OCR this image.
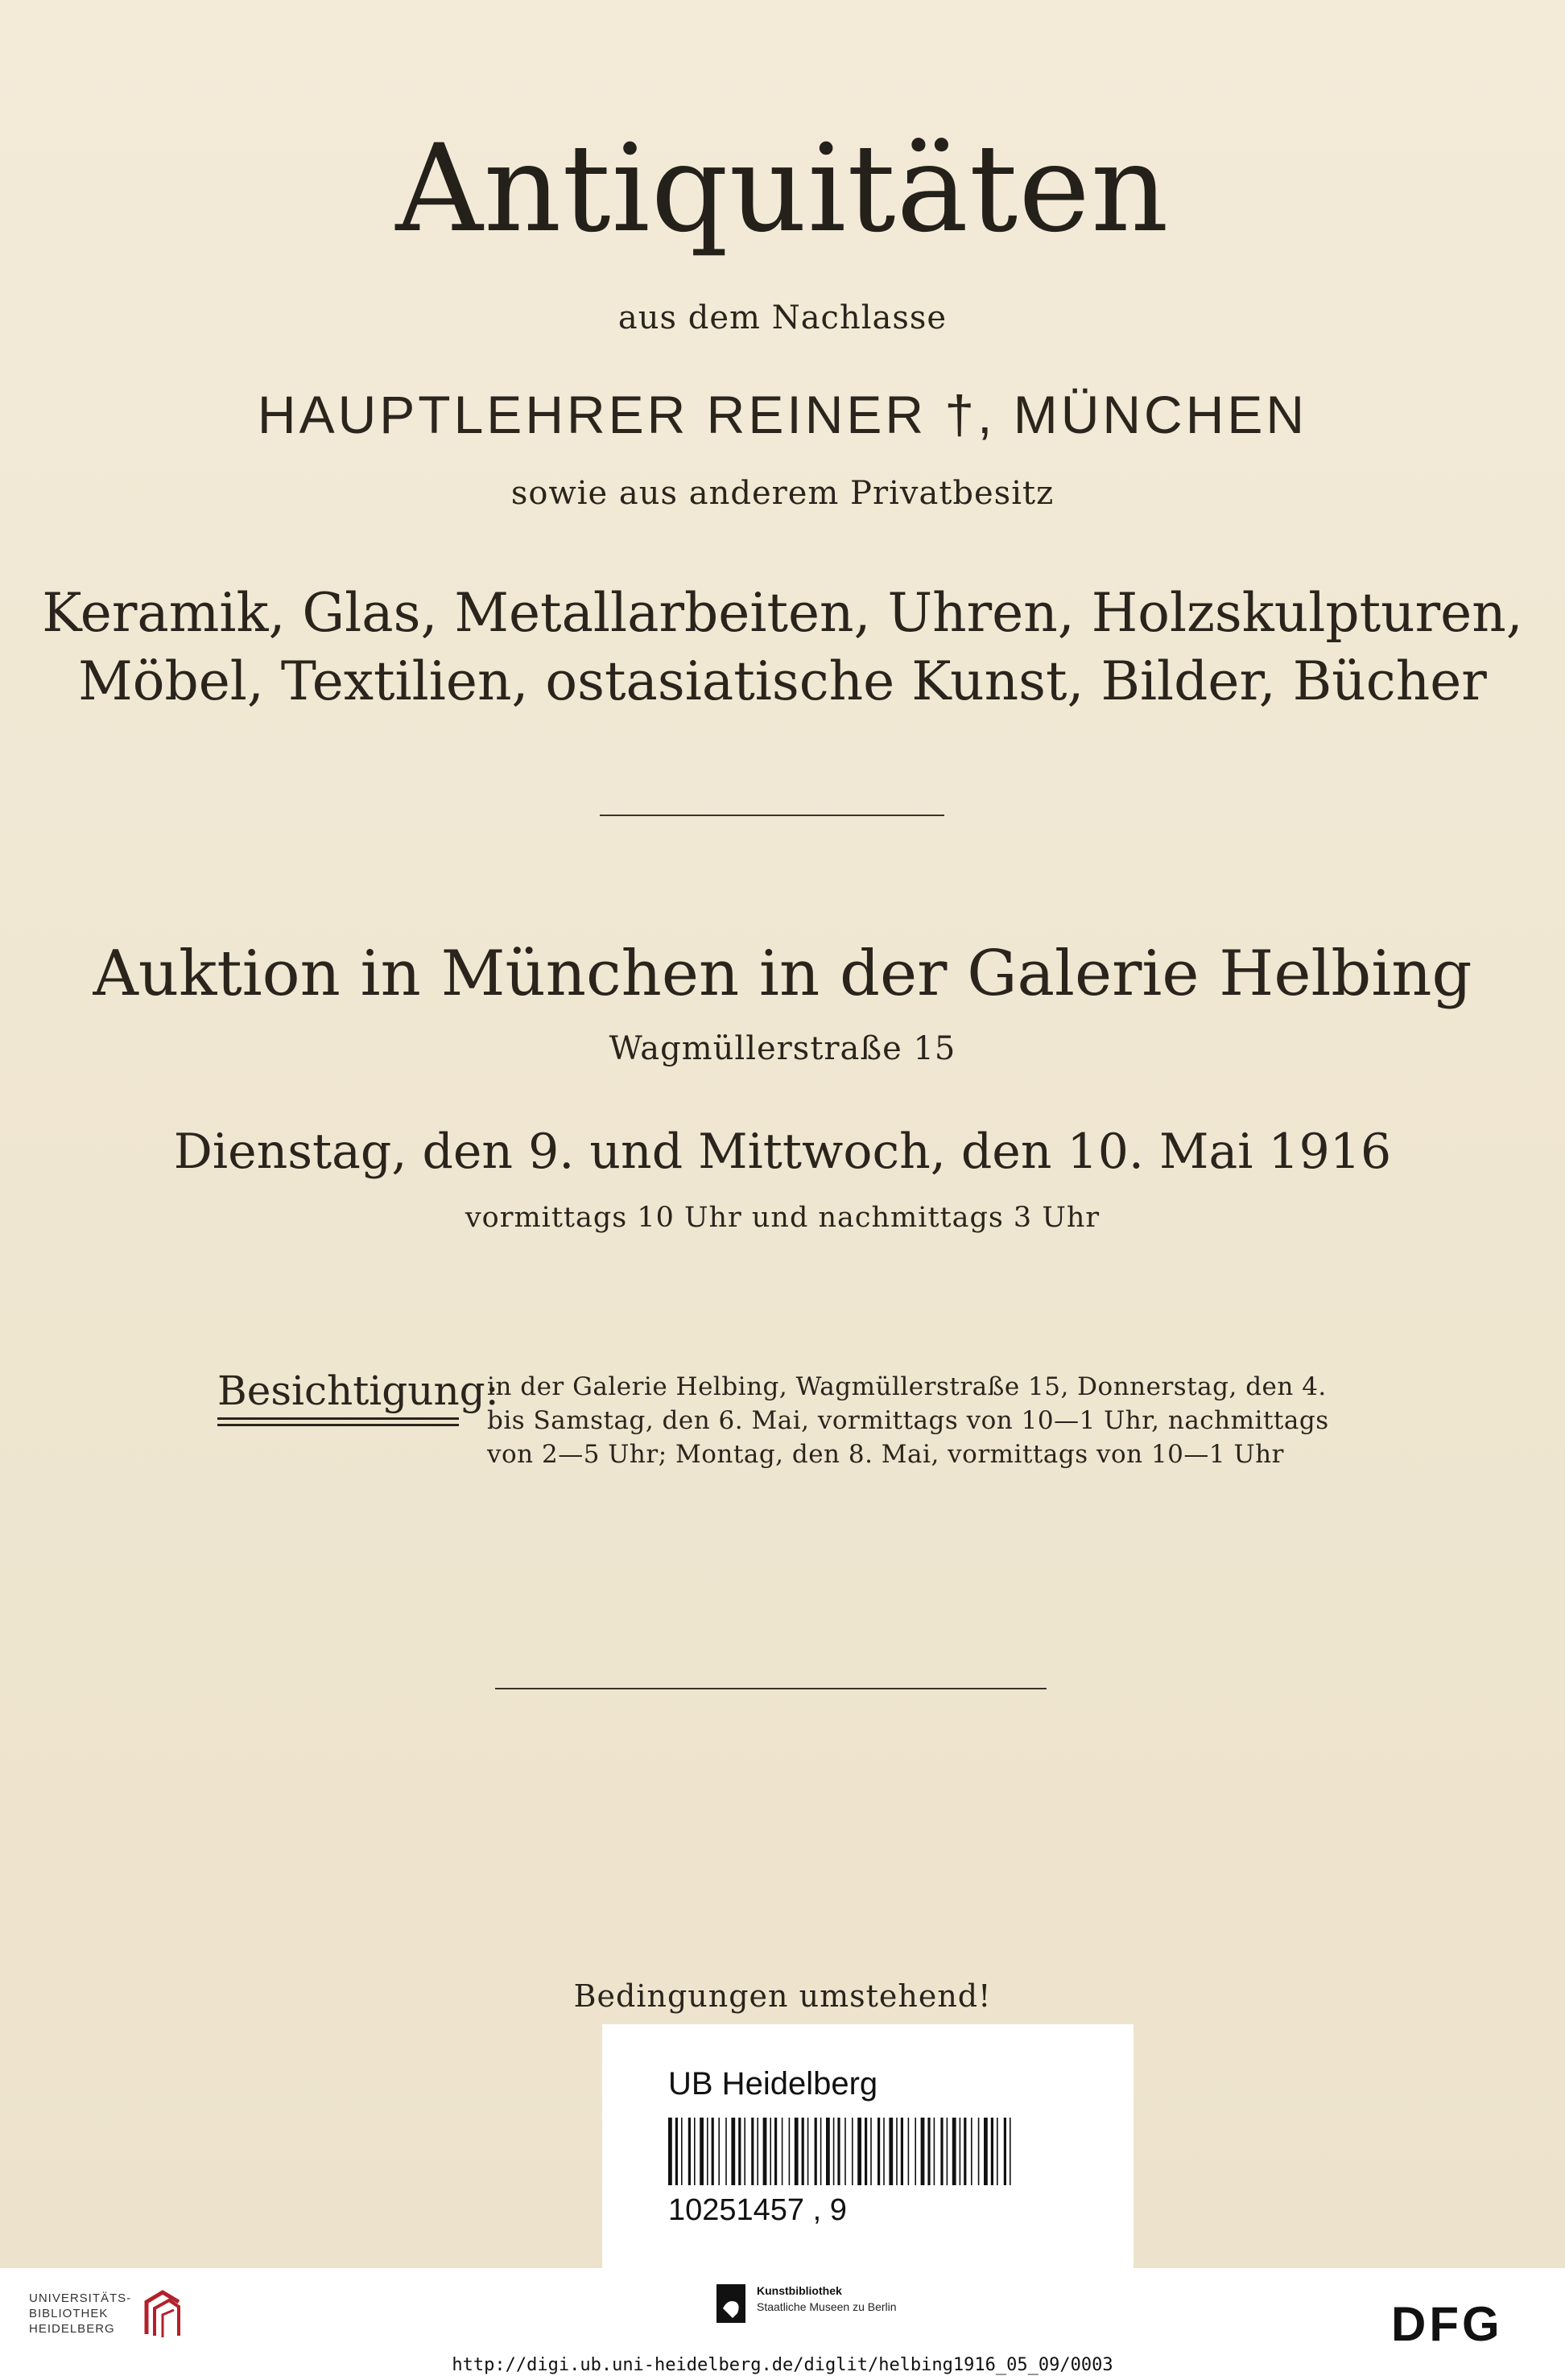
Antiquitäten
aus dem Nachlasse
HAUPTLEHRER REINER †, MÜNCHEN
sowie aus anderem Privatbesitz
Keramik, Glas, Metallarbeiten, Uhren, Holzskulpturen,
Möbel, Textilien, ostasiatische Kunst, Bilder, Bücher
Auktion in München in der Galerie Helbing
Wagmüllerstraße 15
Dienstag, den 9. und Mittwoch, den 10. Mai 1916
vormittags 10 Uhr und nachmittags 3 Uhr
Besichtigung:
in der Galerie Helbing, Wagmüllerstraße 15, Donnerstag, den 4.
bis Samstag, den 6. Mai, vormittags von 10—1 Uhr, nachmittags
von 2—5 Uhr; Montag, den 8. Mai, vormittags von 10—1 Uhr
Bedingungen umstehend!
UB Heidelberg
10251457 , 9
UNIVERSITÄTS-
BIBLIOTHEK
HEIDELBERG
Kunstbibliothek
Staatliche Museen zu Berlin	DFG
http://digi.ub.uni-heidelberg.de/diglit/helbing1916_05_09/0003
